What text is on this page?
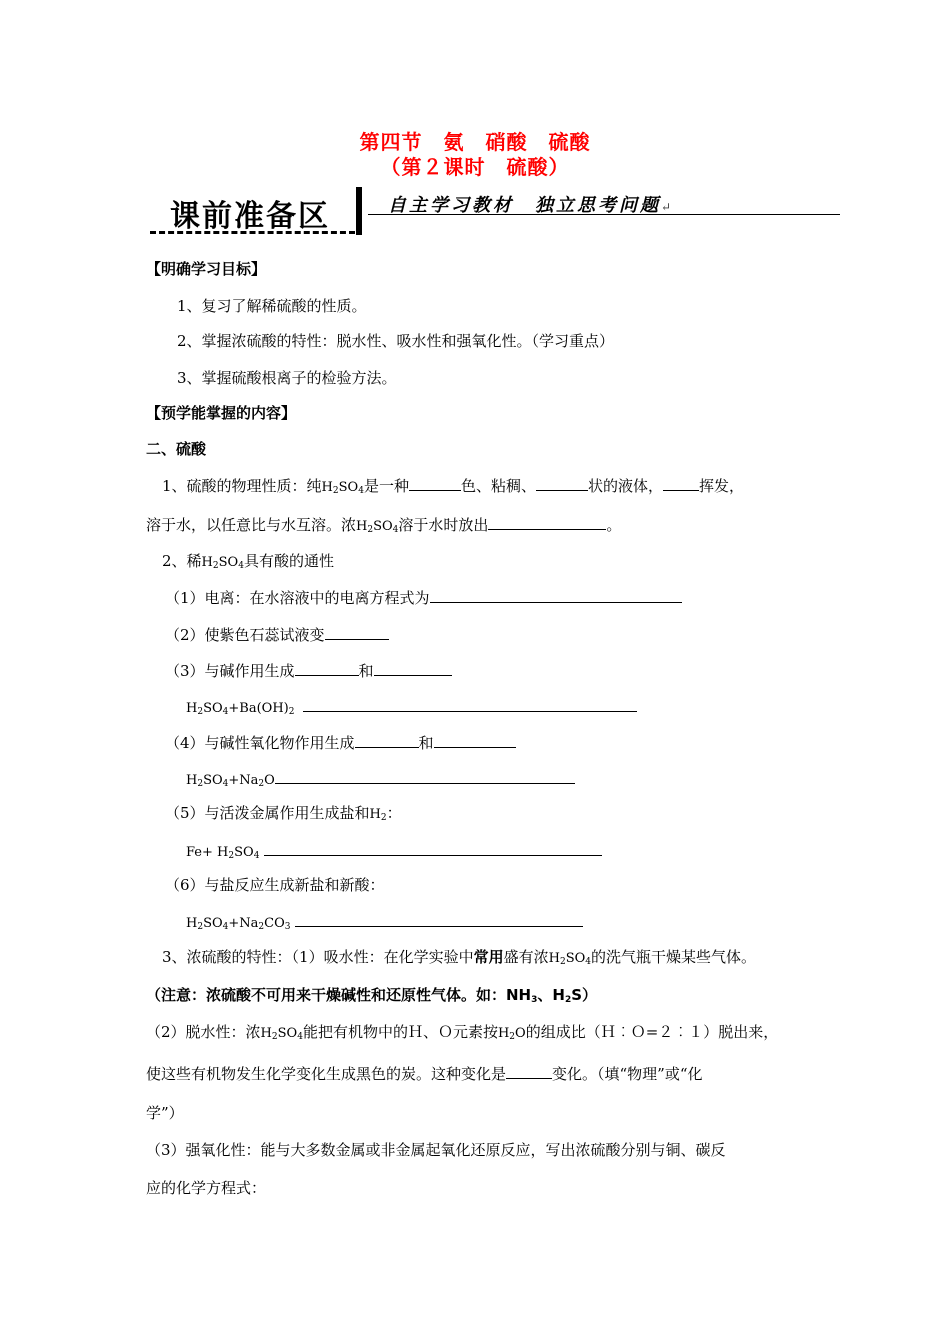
第四节　氨　硝酸　硫酸
（第２课时　硫酸）
课前准备区	自主学习教材　独立思考问题↵
【明确学习目标】
1、复习了解稀硫酸的性质。
2、掌握浓硫酸的特性：脱水性、吸水性和强氧化性。（学习重点）
3、掌握硫酸根离子的检验方法。
【预学能掌握的内容】
二、硫酸
1、硫酸的物理性质：纯$H_2SO_4$是一种	色、粘稠、	状的液体， 挥发，
溶于水，以任意比与水互溶。浓$H_2SO_4$溶于水时放出	。
2、稀$H_2SO_4$具有酸的通性
（1）电离：在水溶液中的电离方程式为
（2）使紫色石蕊试液变
（3）与碱作用生成	和
$H_2SO_4+Ba(OH)_2$
（4）与碱性氧化物作用生成	和
$H_2SO_4+Na_2O$
（5）与活泼金属作用生成盐和$H_2$：
$Fe+ H_2SO_4$
（6）与盐反应生成新盐和新酸：
$H_2SO_4+Na_2CO_3$
3、浓硫酸的特性：（1）吸水性：在化学实验中常用盛有浓$H_2SO_4$的洗气瓶干燥某些气体。
（注意：浓硫酸不可用来干燥碱性和还原性气体。如：$NH_3$、$H_2S$）
（2）脱水性：浓$H_2SO_4$能把有机物中的Ｈ、Ｏ元素按$H_2O$的组成比（Ｈ︰Ｏ=２︰１）脱出来，
使这些有机物发生化学变化生成黑色的炭。这种变化是	变化。（填“物理”或“化
学”）
（3）强氧化性：能与大多数金属或非金属起氧化还原反应，写出浓硫酸分别与铜、碳反
应的化学方程式：
